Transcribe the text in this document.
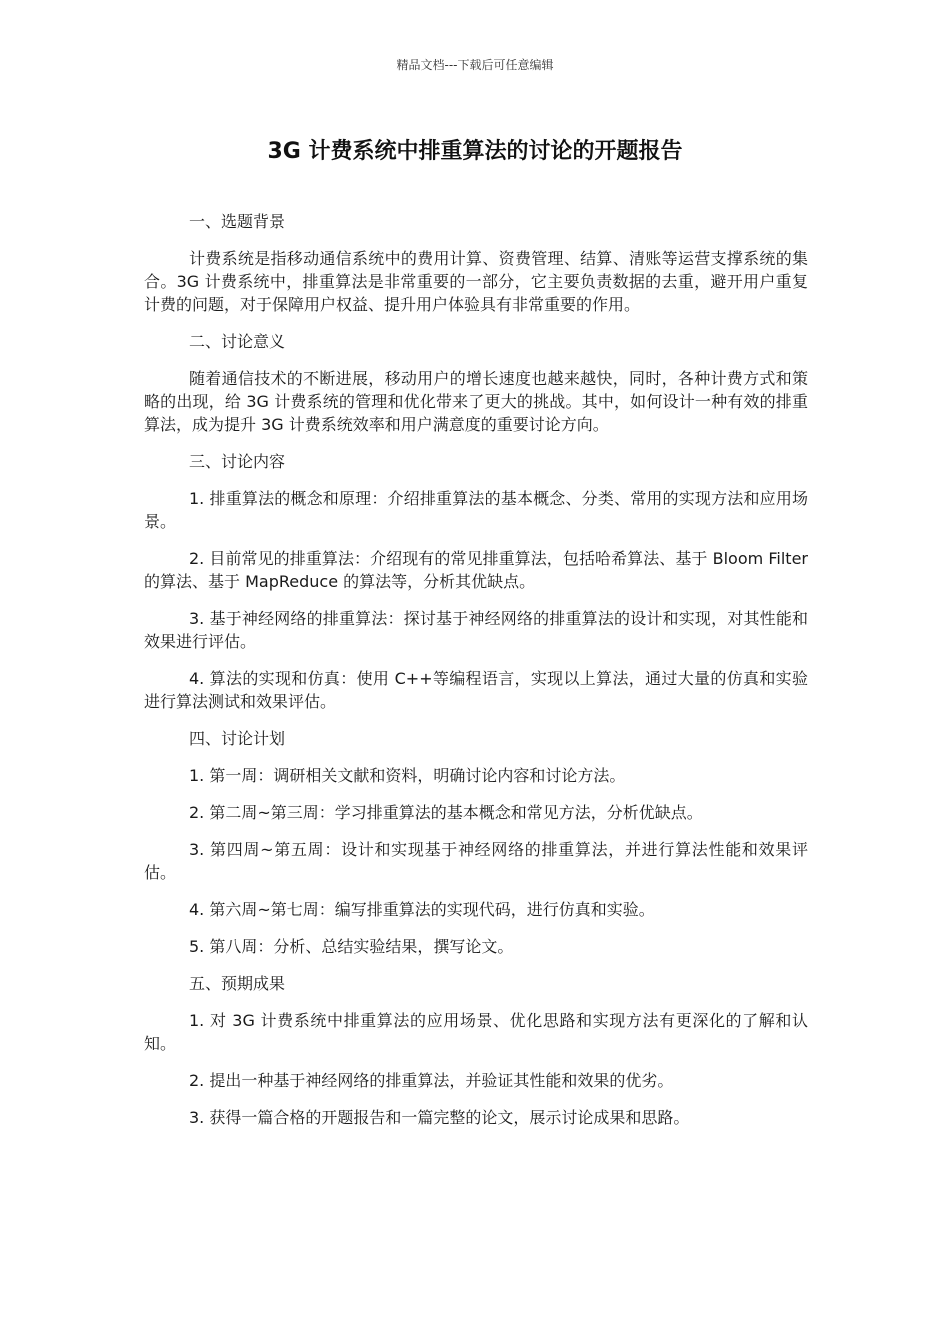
精品文档---下载后可任意编辑
3G 计费系统中排重算法的讨论的开题报告

一、选题背景

计费系统是指移动通信系统中的费用计算、资费管理、结算、清账等运营支撑系统的集合。3G 计费系统中，排重算法是非常重要的一部分，它主要负责数据的去重，避开用户重复计费的问题，对于保障用户权益、提升用户体验具有非常重要的作用。

二、讨论意义

随着通信技术的不断进展，移动用户的增长速度也越来越快，同时，各种计费方式和策略的出现，给 3G 计费系统的管理和优化带来了更大的挑战。其中，如何设计一种有效的排重算法，成为提升 3G 计费系统效率和用户满意度的重要讨论方向。

三、讨论内容

1. 排重算法的概念和原理：介绍排重算法的基本概念、分类、常用的实现方法和应用场景。

2. 目前常见的排重算法：介绍现有的常见排重算法，包括哈希算法、基于 Bloom Filter 的算法、基于 MapReduce 的算法等，分析其优缺点。

3. 基于神经网络的排重算法：探讨基于神经网络的排重算法的设计和实现，对其性能和效果进行评估。

4. 算法的实现和仿真：使用 C++等编程语言，实现以上算法，通过大量的仿真和实验进行算法测试和效果评估。

四、讨论计划

1. 第一周：调研相关文献和资料，明确讨论内容和讨论方法。

2. 第二周~第三周：学习排重算法的基本概念和常见方法，分析优缺点。

3. 第四周~第五周：设计和实现基于神经网络的排重算法，并进行算法性能和效果评估。

4. 第六周~第七周：编写排重算法的实现代码，进行仿真和实验。

5. 第八周：分析、总结实验结果，撰写论文。

五、预期成果

1. 对 3G 计费系统中排重算法的应用场景、优化思路和实现方法有更深化的了解和认知。

2. 提出一种基于神经网络的排重算法，并验证其性能和效果的优劣。

3. 获得一篇合格的开题报告和一篇完整的论文，展示讨论成果和思路。
